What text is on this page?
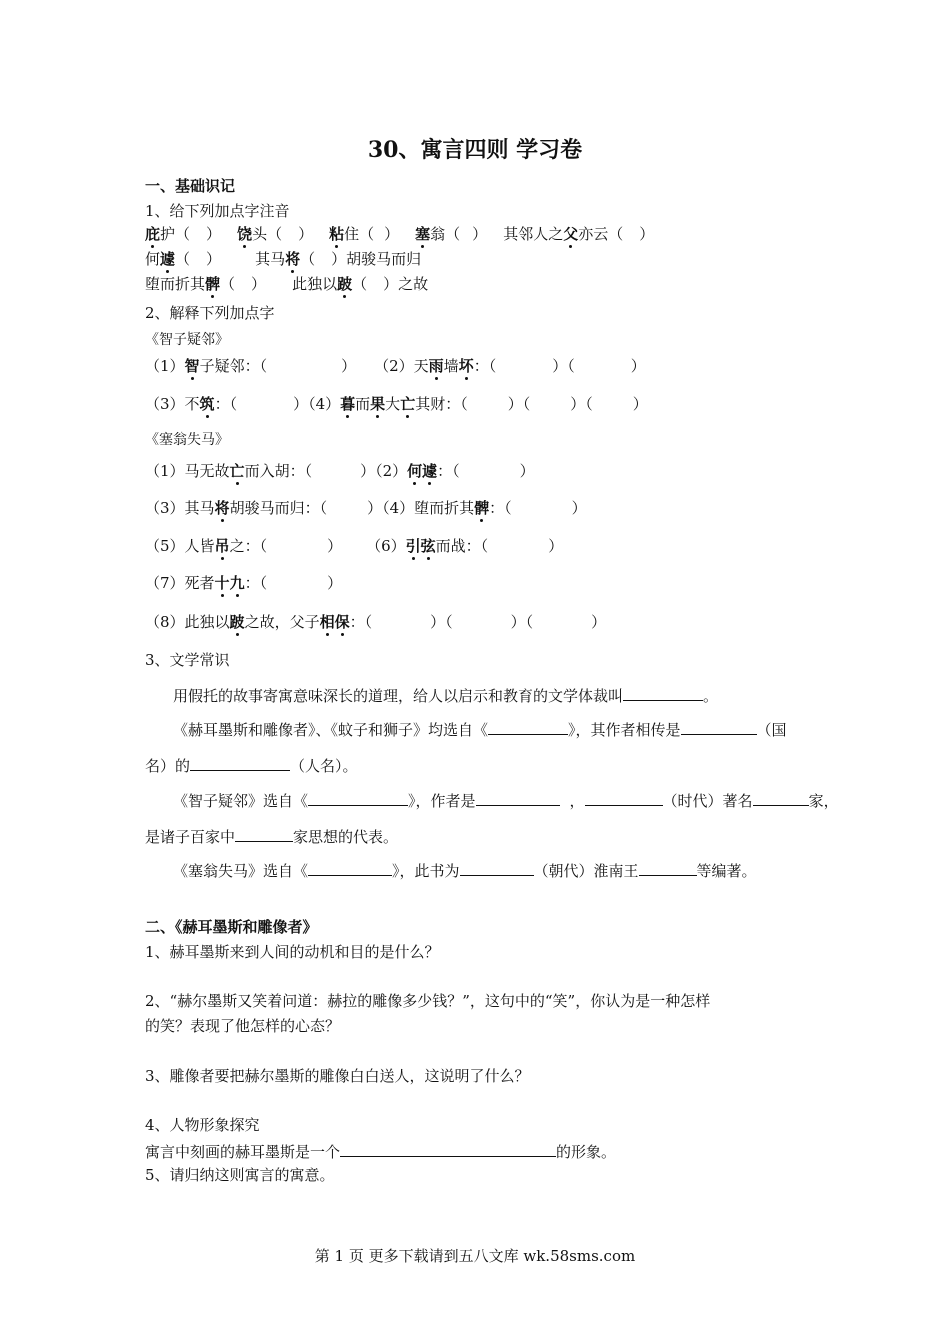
30、寓言四则 学习卷
一、基础识记
1、给下列加点字注音
庇护（ ） 饶头（ ） 粘住（ ） 塞翁（ ） 其邻人之父亦云（ ）
何遽（ ） 其马将（ ）胡骏马而归
堕而折其髀（ ） 此独以跛（ ）之故
2、解释下列加点字
《智子疑邻》
（1）智子疑邻：（	） （2）天雨墙坏：（	）（	）
（3）不筑：（	）（4）暮而果大亡其财：（	）（	）（	）
《塞翁失马》
（1）马无故亡而入胡：（	）（2）何遽：（	）
（3）其马将胡骏马而归：（	）（4）堕而折其髀：（	）
（5）人皆吊之：（	） （6）引弦而战：（	）
（7）死者十九：（	）
（8）此独以跛之故，父子相保：（	）（	）（	）
3、文学常识
用假托的故事寄寓意味深长的道理，给人以启示和教育的文学体裁叫	。
《赫耳墨斯和雕像者》、《蚊子和狮子》均选自《	》，其作者相传是	（国
名）的	（人名）。
《智子疑邻》选自《	》，作者是	，	（时代）著名	家，
是诸子百家中	家思想的代表。
《塞翁失马》选自《	》，此书为	（朝代）淮南王	等编著。
二、《赫耳墨斯和雕像者》
1、赫耳墨斯来到人间的动机和目的是什么？
2、“赫尔墨斯又笑着问道：赫拉的雕像多少钱？”，这句中的“笑”，你认为是一种怎样
的笑？表现了他怎样的心态？
3、雕像者要把赫尔墨斯的雕像白白送人，这说明了什么？
4、人物形象探究
寓言中刻画的赫耳墨斯是一个	的形象。
5、请归纳这则寓言的寓意。
第 1 页 更多下载请到五八文库 wk.58sms.com
